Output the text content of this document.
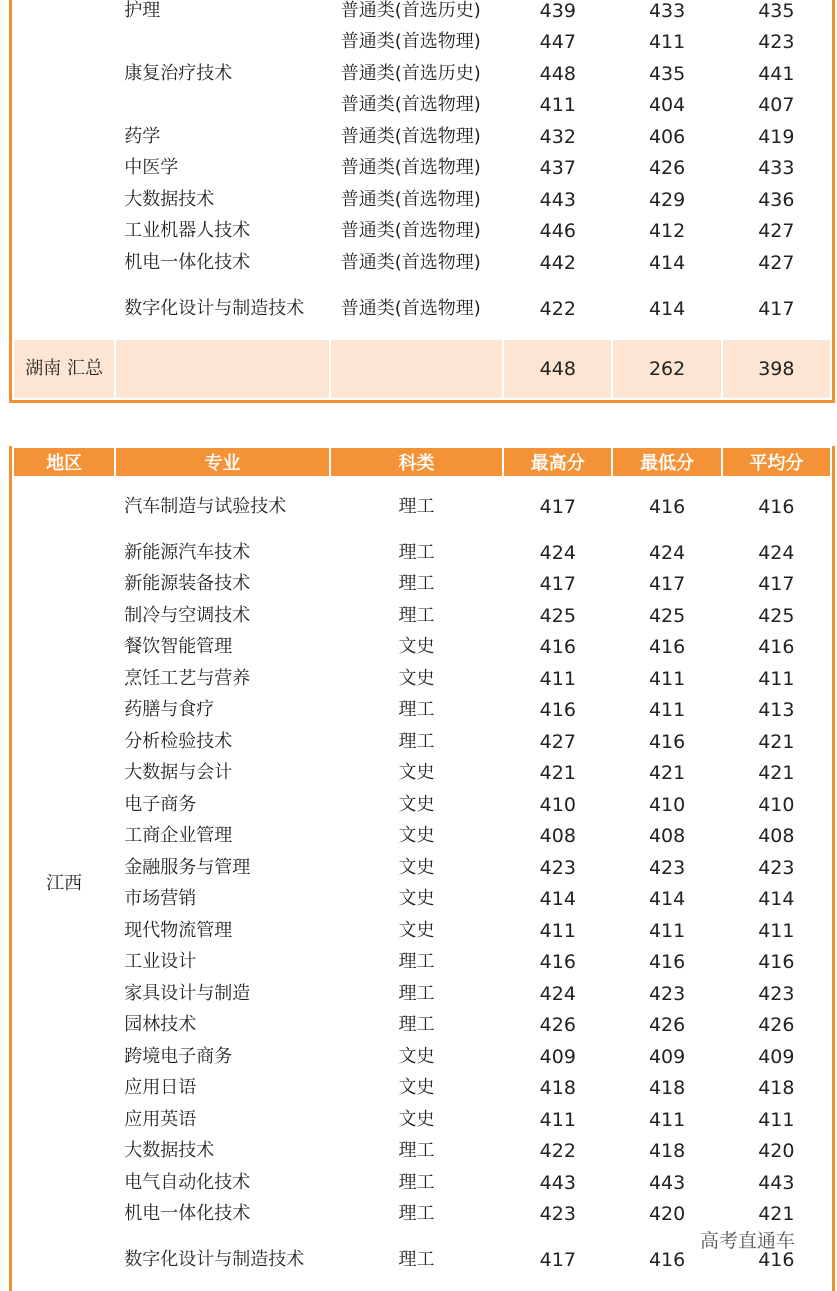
	护理	普通类(首选历史)	439	433	435
		普通类(首选物理)	447	411	423
	康复治疗技术	普通类(首选历史)	448	435	441
		普通类(首选物理)	411	404	407
	药学	普通类(首选物理)	432	406	419
	中医学	普通类(首选物理)	437	426	433
	大数据技术	普通类(首选物理)	443	429	436
	工业机器人技术	普通类(首选物理)	446	412	427
	机电一体化技术	普通类(首选物理)	442	414	427
	数字化设计与制造技术	普通类(首选物理)	422	414	417
湖南 汇总			448	262	398
地区	专业	科类	最高分	最低分	平均分
江西	汽车制造与试验技术	理工	417	416	416
	新能源汽车技术	理工	424	424	424
	新能源装备技术	理工	417	417	417
	制冷与空调技术	理工	425	425	425
	餐饮智能管理	文史	416	416	416
	烹饪工艺与营养	文史	411	411	411
	药膳与食疗	理工	416	411	413
	分析检验技术	理工	427	416	421
	大数据与会计	文史	421	421	421
	电子商务	文史	410	410	410
	工商企业管理	文史	408	408	408
	金融服务与管理	文史	423	423	423
	市场营销	文史	414	414	414
	现代物流管理	文史	411	411	411
	工业设计	理工	416	416	416
	家具设计与制造	理工	424	423	423
	园林技术	理工	426	426	426
	跨境电子商务	文史	409	409	409
	应用日语	文史	418	418	418
	应用英语	文史	411	411	411
	大数据技术	理工	422	418	420
	电气自动化技术	理工	443	443	443
	机电一体化技术	理工	423	420	421
	数字化设计与制造技术	理工	417	416	416
高考直通车
